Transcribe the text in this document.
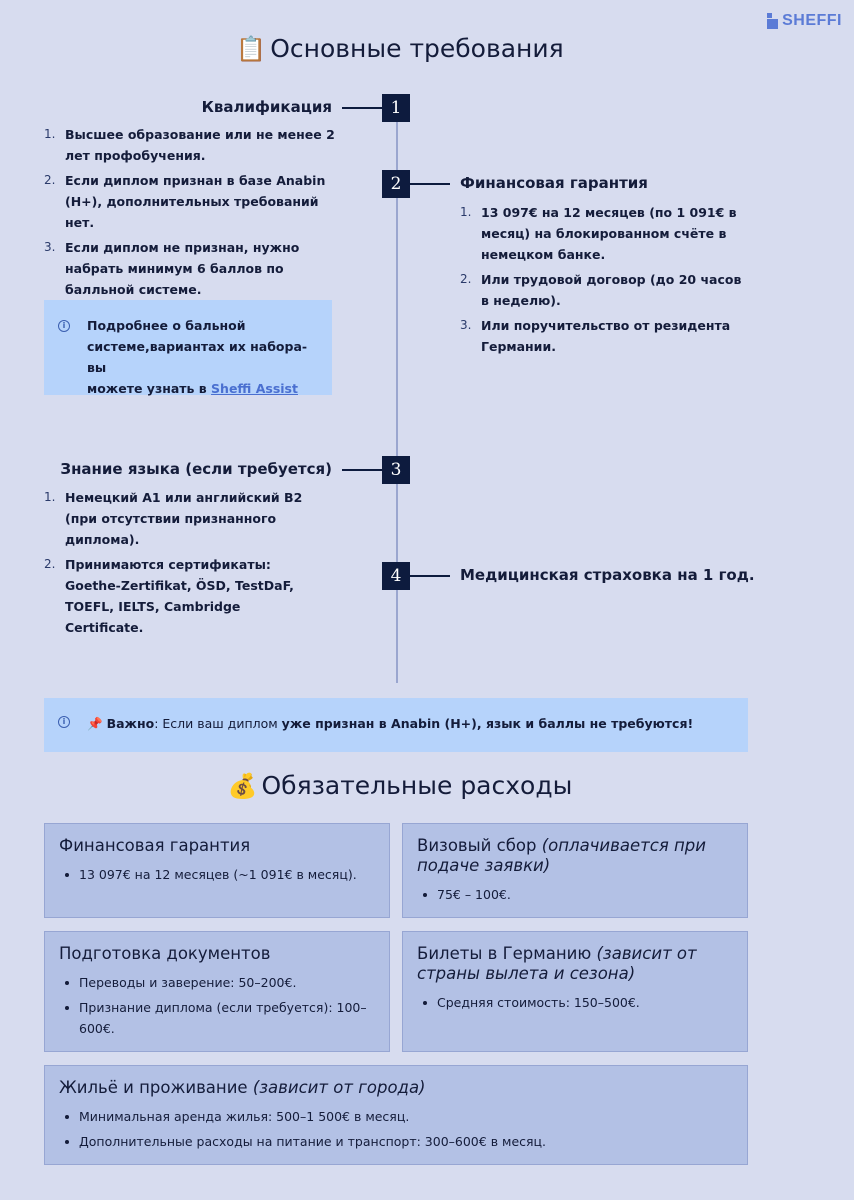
SHEFFI
📋 Основные требования
1
2
3
4
Квалификация
1. Высшее образование или не менее 2 лет профобучения.
2. Если диплом признан в базе Anabin (H+), дополнительных требований нет.
3. Если диплом не признан, нужно набрать минимум 6 баллов по балльной системе.
i	Подробнее о бальной
системе,вариантах их набора- вы
можете узнать в Sheffi Assist
Финансовая гарантия
1. 13 097€ на 12 месяцев (по 1 091€ в месяц) на блокированном счёте в немецком банке.
2. Или трудовой договор (до 20 часов в неделю).
3. Или поручительство от резидента Германии.
Знание языка (если требуется)
1. Немецкий A1 или английский B2 (при отсутствии признанного диплома).
2. Принимаются сертификаты: Goethe-Zertifikat, ÖSD, TestDaF, TOEFL, IELTS, Cambridge Certificate.
Медицинская страховка на 1 год.
i	📌 Важно: Если ваш диплом уже признан в Anabin (H+), язык и баллы не требуются!
💰 Обязательные расходы
Финансовая гарантия
13 097€ на 12 месяцев (~1 091€ в месяц).
Визовый сбор (оплачивается при подаче заявки)
75€ – 100€.
Подготовка документов
Переводы и заверение: 50–200€.
Признание диплома (если требуется): 100–600€.
Билеты в Германию (зависит от страны вылета и сезона)
Средняя стоимость: 150–500€.
Жильё и проживание (зависит от города)
Минимальная аренда жилья: 500–1 500€ в месяц.
Дополнительные расходы на питание и транспорт: 300–600€ в месяц.
